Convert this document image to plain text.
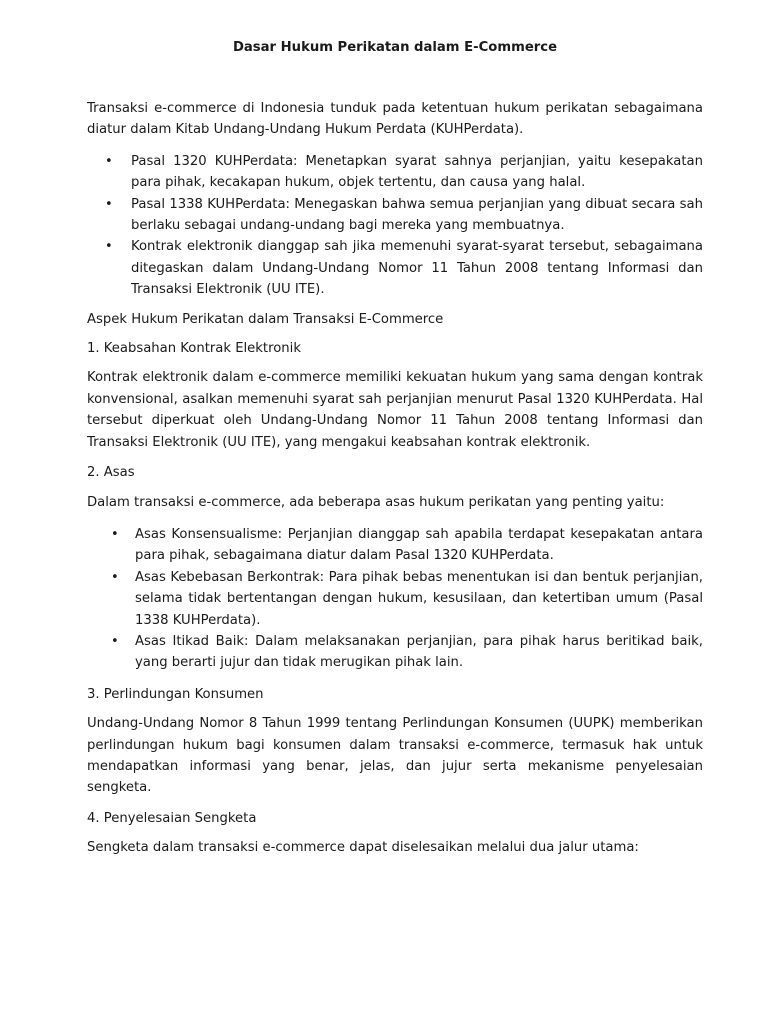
Dasar Hukum Perikatan dalam E-Commerce

Transaksi e-commerce di Indonesia tunduk pada ketentuan hukum perikatan sebagaimana diatur dalam Kitab Undang-Undang Hukum Perdata (KUHPerdata).

• Pasal 1320 KUHPerdata: Menetapkan syarat sahnya perjanjian, yaitu kesepakatan para pihak, kecakapan hukum, objek tertentu, dan causa yang halal.
• Pasal 1338 KUHPerdata: Menegaskan bahwa semua perjanjian yang dibuat secara sah berlaku sebagai undang-undang bagi mereka yang membuatnya.
• Kontrak elektronik dianggap sah jika memenuhi syarat-syarat tersebut, sebagaimana ditegaskan dalam Undang-Undang Nomor 11 Tahun 2008 tentang Informasi dan Transaksi Elektronik (UU ITE).

Aspek Hukum Perikatan dalam Transaksi E-Commerce

1. Keabsahan Kontrak Elektronik

Kontrak elektronik dalam e-commerce memiliki kekuatan hukum yang sama dengan kontrak konvensional, asalkan memenuhi syarat sah perjanjian menurut Pasal 1320 KUHPerdata. Hal tersebut diperkuat oleh Undang-Undang Nomor 11 Tahun 2008 tentang Informasi dan Transaksi Elektronik (UU ITE), yang mengakui keabsahan kontrak elektronik.

2. Asas

Dalam transaksi e-commerce, ada beberapa asas hukum perikatan yang penting yaitu:

• Asas Konsensualisme: Perjanjian dianggap sah apabila terdapat kesepakatan antara para pihak, sebagaimana diatur dalam Pasal 1320 KUHPerdata.
• Asas Kebebasan Berkontrak: Para pihak bebas menentukan isi dan bentuk perjanjian, selama tidak bertentangan dengan hukum, kesusilaan, dan ketertiban umum (Pasal 1338 KUHPerdata).
• Asas Itikad Baik: Dalam melaksanakan perjanjian, para pihak harus beritikad baik, yang berarti jujur dan tidak merugikan pihak lain.

3. Perlindungan Konsumen

Undang-Undang Nomor 8 Tahun 1999 tentang Perlindungan Konsumen (UUPK) memberikan perlindungan hukum bagi konsumen dalam transaksi e-commerce, termasuk hak untuk mendapatkan informasi yang benar, jelas, dan jujur serta mekanisme penyelesaian sengketa.

4. Penyelesaian Sengketa

Sengketa dalam transaksi e-commerce dapat diselesaikan melalui dua jalur utama:
